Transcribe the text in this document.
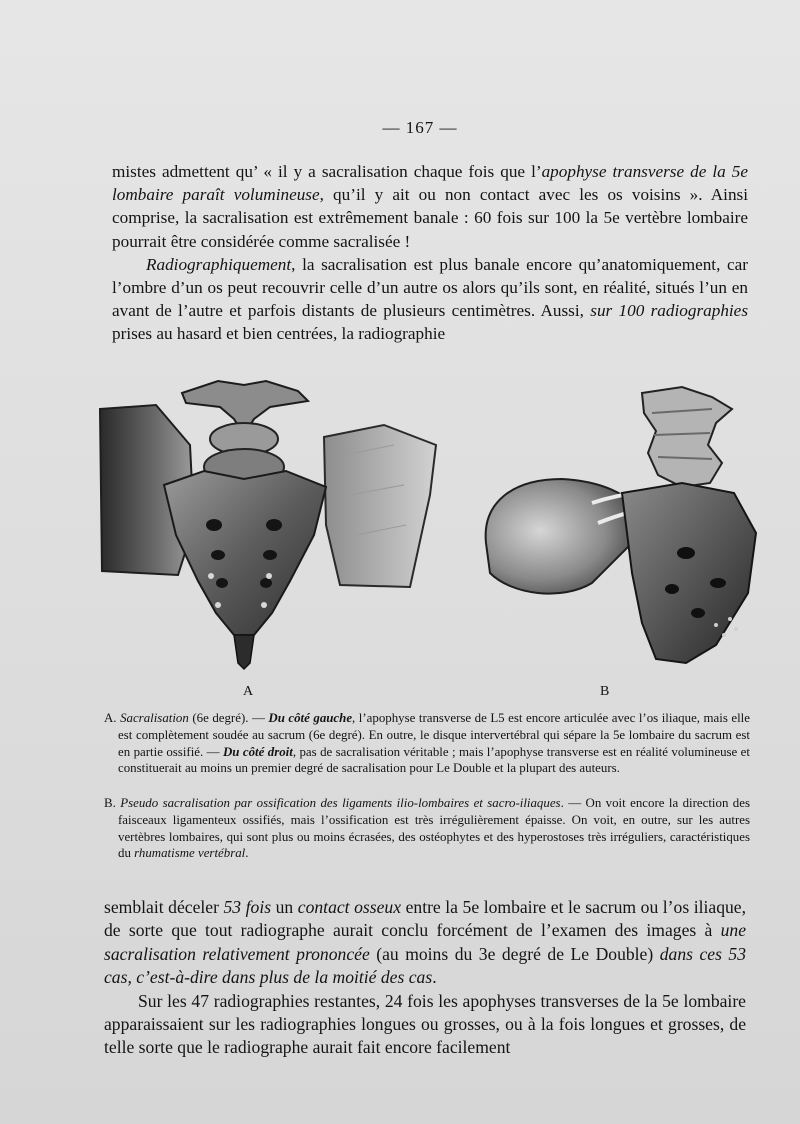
— 167 —

mistes admettent qu’ « il y a sacralisation chaque fois que l’apophyse transverse de la 5e lombaire paraît volumineuse, qu’il y ait ou non contact avec les os voisins ». Ainsi comprise, la sacralisation est extrêmement banale : 60 fois sur 100 la 5e vertèbre lombaire pourrait être considérée comme sacralisée !

Radiographiquement, la sacralisation est plus banale encore qu’anatomiquement, car l’ombre d’un os peut recouvrir celle d’un autre os alors qu’ils sont, en réalité, situés l’un en avant de l’autre et parfois distants de plusieurs centimètres. Aussi, sur 100 radiographies prises au hasard et bien centrées, la radiographie

A	B
A. Sacralisation (6e degré). — Du côté gauche, l’apophyse transverse de L5 est encore articulée avec l’os iliaque, mais elle est complètement soudée au sacrum (6e degré). En outre, le disque intervertébral qui sépare la 5e lombaire du sacrum est en partie ossifié. — Du côté droit, pas de sacralisation véritable ; mais l’apophyse transverse est en réalité volumineuse et constituerait au moins un premier degré de sacralisation pour Le Double et la plupart des auteurs.
B. Pseudo sacralisation par ossification des ligaments ilio-lombaires et sacro-iliaques. — On voit encore la direction des faisceaux ligamenteux ossifiés, mais l’ossification est très irrégulièrement épaisse. On voit, en outre, sur les autres vertèbres lombaires, qui sont plus ou moins écrasées, des ostéophytes et des hyperostoses très irréguliers, caractéristiques du rhumatisme vertébral.

semblait déceler 53 fois un contact osseux entre la 5e lombaire et le sacrum ou l’os iliaque, de sorte que tout radiographe aurait conclu forcément de l’examen des images à une sacralisation relativement prononcée (au moins du 3e degré de Le Double) dans ces 53 cas, c’est-à-dire dans plus de la moitié des cas.

Sur les 47 radiographies restantes, 24 fois les apophyses transverses de la 5e lombaire apparaissaient sur les radiographies longues ou grosses, ou à la fois longues et grosses, de telle sorte que le radiographe aurait fait encore facilement
